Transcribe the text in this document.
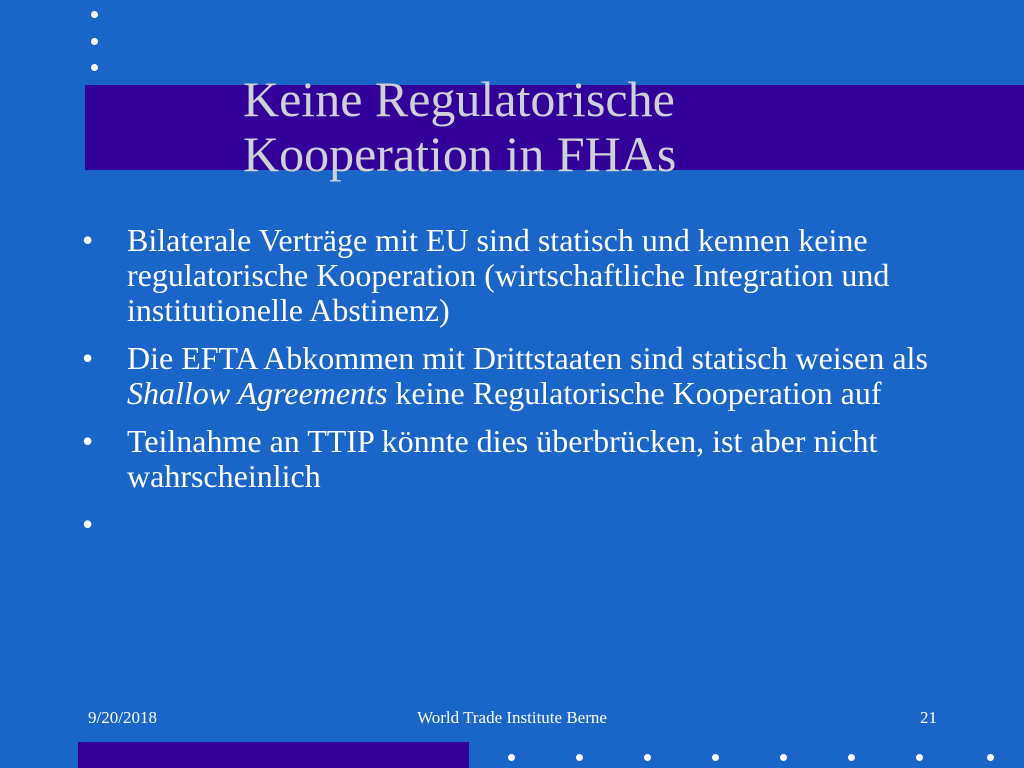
Keine Regulatorische
Kooperation in FHAs
• Bilaterale Verträge mit EU sind statisch und kennen keine regulatorische Kooperation (wirtschaftliche Integration und institutionelle Abstinenz)
• Die EFTA Abkommen mit Drittstaaten sind statisch weisen als Shallow Agreements keine Regulatorische Kooperation auf
• Teilnahme an TTIP könnte dies überbrücken, ist aber nicht wahrscheinlich
•
9/20/2018	World Trade Institute Berne	21
